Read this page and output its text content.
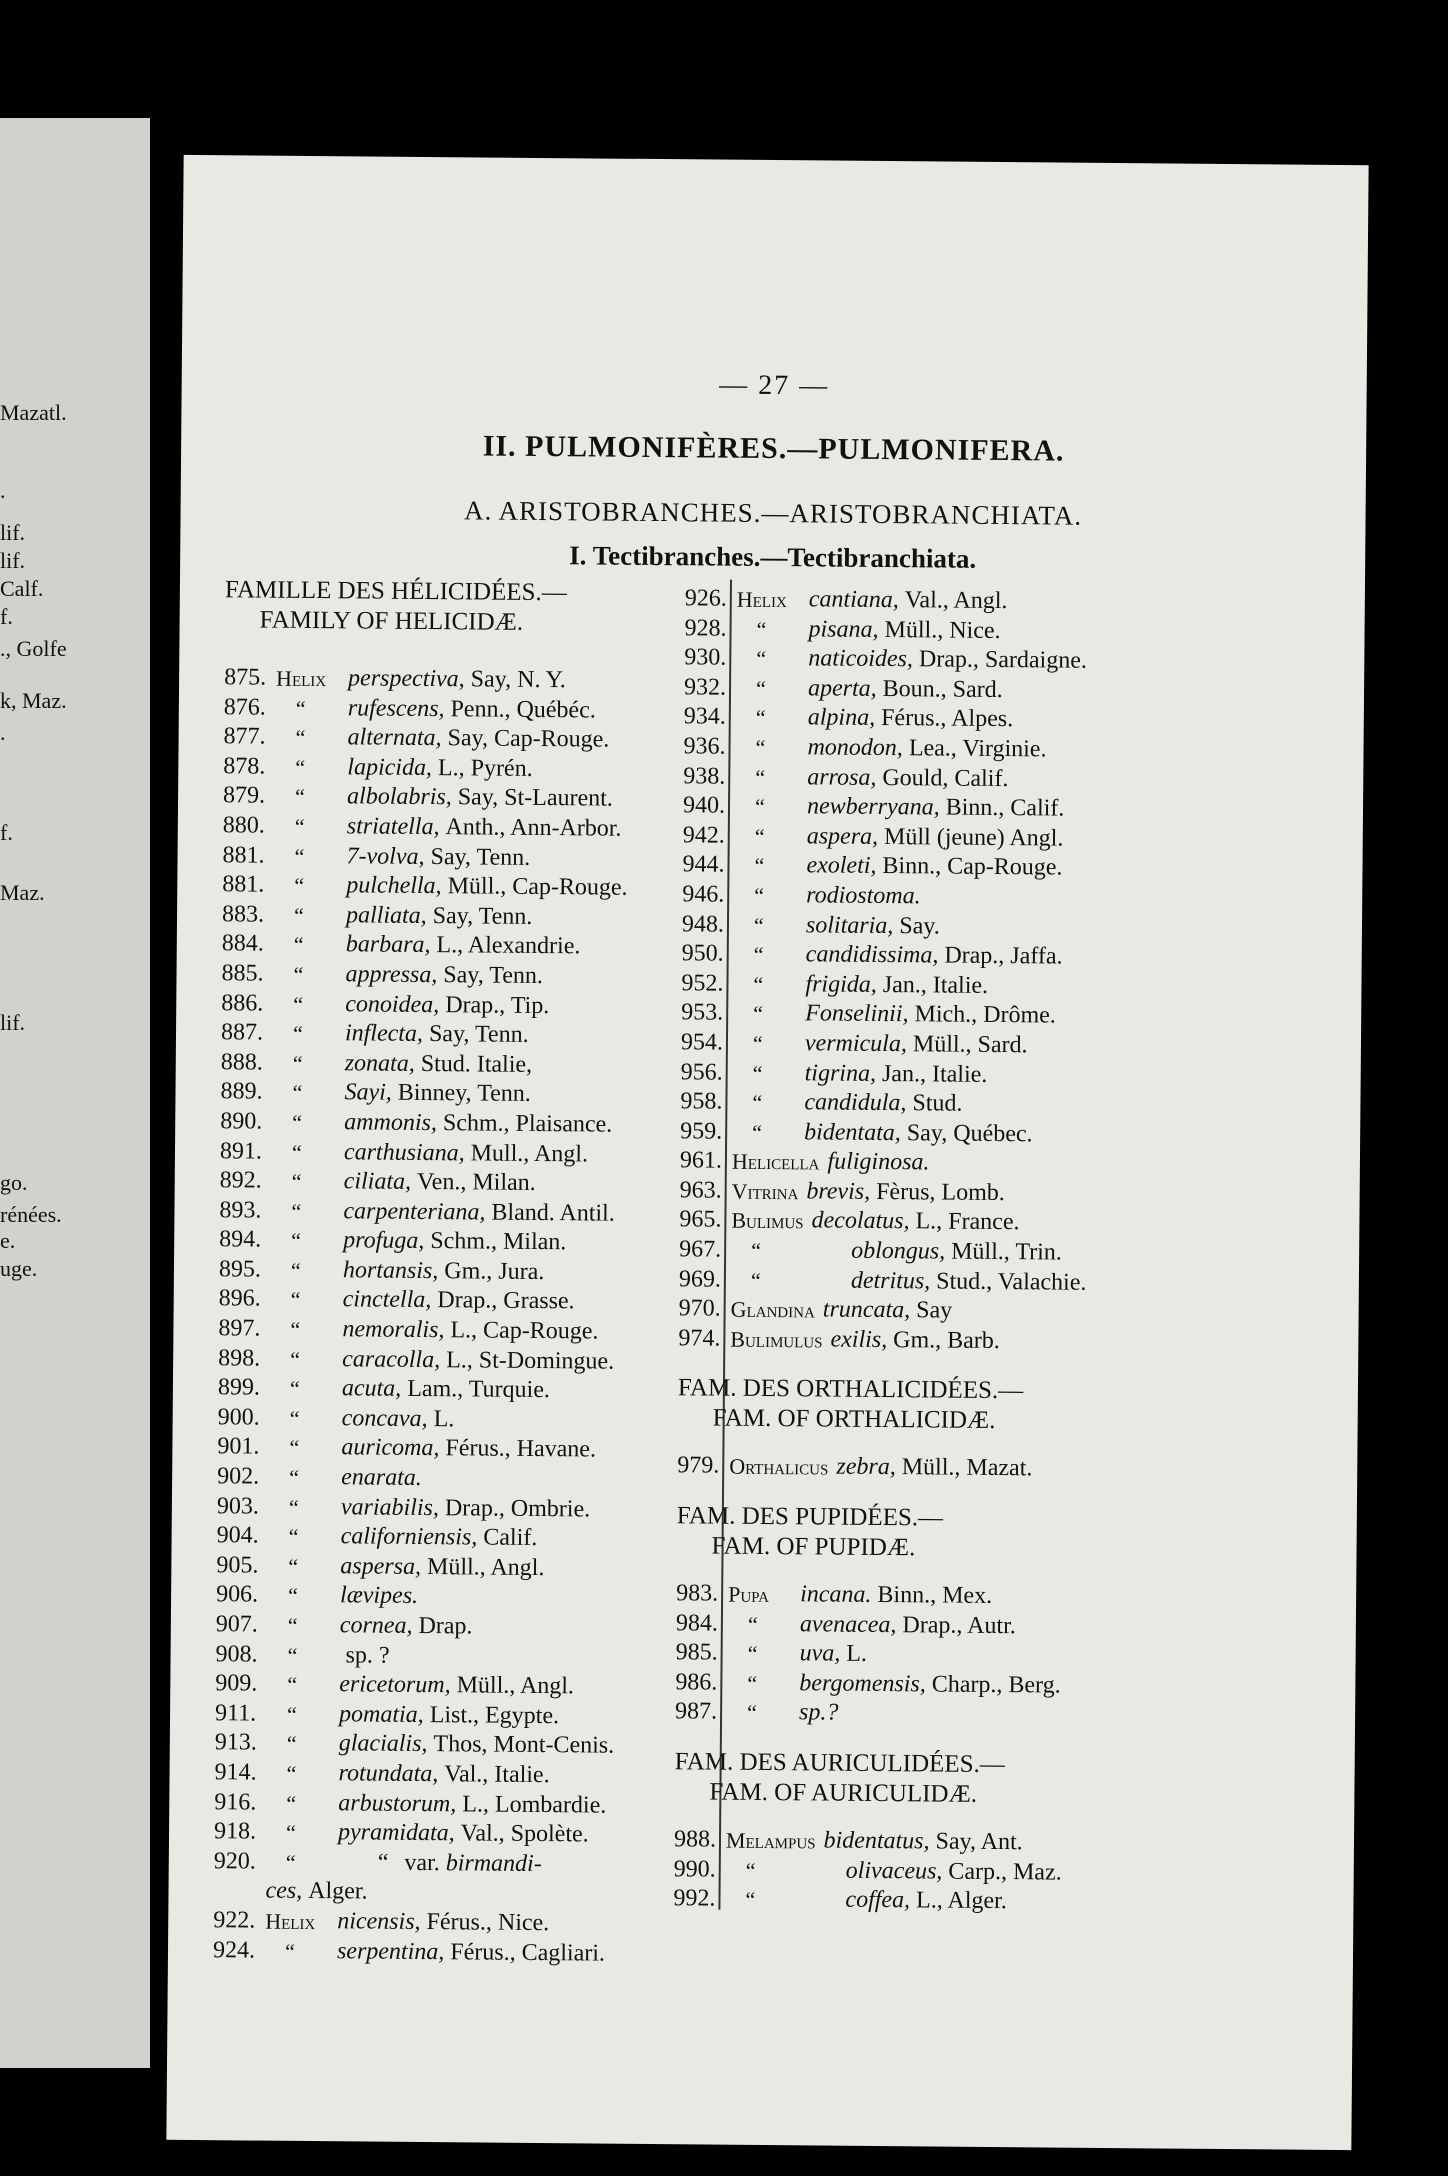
Mazatl.
.
lif.
lif.
Calf.
f.
., Golfe
k, Maz.
.
f.
Maz.
lif.
go.
rénées.
e.
uge.
— 27 —
II. PULMONIFÈRES.—PULMONIFERA.
A. ARISTOBRANCHES.—ARISTOBRANCHIATA.
I. Tectibranches.—Tectibranchiata.
FAMILLE DES HÉLICIDÉES.—
FAMILY OF HELICIDÆ.
875. Helix perspectiva, Say, N. Y.
876.	“	rufescens, Penn., Québéc.
877.	“	alternata, Say, Cap-Rouge.
878.	“	lapicida, L., Pyrén.
879.	“	albolabris, Say, St-Laurent.
880.	“	striatella, Anth., Ann-Arbor.
881.	“	7-volva, Say, Tenn.
881.	“	pulchella, Müll., Cap-Rouge.
883.	“	palliata, Say, Tenn.
884.	“	barbara, L., Alexandrie.
885.	“	appressa, Say, Tenn.
886.	“	conoidea, Drap., Tip.
887.	“	inflecta, Say, Tenn.
888.	“	zonata, Stud. Italie,
889.	“	Sayi, Binney, Tenn.
890.	“	ammonis, Schm., Plaisance.
891.	“	carthusiana, Mull., Angl.
892.	“	ciliata, Ven., Milan.
893.	“	carpenteriana, Bland. Antil.
894.	“	profuga, Schm., Milan.
895.	“	hortansis, Gm., Jura.
896.	“	cinctella, Drap., Grasse.
897.	“	nemoralis, L., Cap-Rouge.
898.	“	caracolla, L., St-Domingue.
899.	“	acuta, Lam., Turquie.
900.	“	concava, L.
901.	“	auricoma, Férus., Havane.
902.	“	enarata.
903.	“	variabilis, Drap., Ombrie.
904.	“	californiensis, Calif.
905.	“	aspersa, Müll., Angl.
906.	“	lævipes.
907.	“	cornea, Drap.
908.	“	sp. ?
909.	“	ericetorum, Müll., Angl.
911.	“	pomatia, List., Egypte.
913.	“	glacialis, Thos, Mont-Cenis.
914.	“	rotundata, Val., Italie.
916.	“	arbustorum, L., Lombardie.
918.	“	pyramidata, Val., Spolète.
920.	“	“ var. birmandi-
ces, Alger.
922. Helix nicensis, Férus., Nice.
924.	“	serpentina, Férus., Cagliari.
926. Helix cantiana, Val., Angl.
928.	“	pisana, Müll., Nice.
930.	“	naticoides, Drap., Sardaigne.
932.	“	aperta, Boun., Sard.
934.	“	alpina, Férus., Alpes.
936.	“	monodon, Lea., Virginie.
938.	“	arrosa, Gould, Calif.
940.	“	newberryana, Binn., Calif.
942.	“	aspera, Müll (jeune) Angl.
944.	“	exoleti, Binn., Cap-Rouge.
946.	“	rodiostoma.
948.	“	solitaria, Say.
950.	“	candidissima, Drap., Jaffa.
952.	“	frigida, Jan., Italie.
953.	“	Fonselinii, Mich., Drôme.
954.	“	vermicula, Müll., Sard.
956.	“	tigrina, Jan., Italie.
958.	“	candidula, Stud.
959.	“	bidentata, Say, Québec.
961. Helicella fuliginosa.
963. Vitrina brevis, Fèrus, Lomb.
965. Bulimus decolatus, L., France.
967.	“	oblongus, Müll., Trin.
969.	“	detritus, Stud., Valachie.
970. Glandina truncata, Say
974. Bulimulus exilis, Gm., Barb.
FAM. DES ORTHALICIDÉES.—
FAM. OF ORTHALICIDÆ.
979. Orthalicus zebra, Müll., Mazat.
FAM. DES PUPIDÉES.—
FAM. OF PUPIDÆ.
983. Pupa	incana. Binn., Mex.
984.	“	avenacea, Drap., Autr.
985.	“	uva, L.
986.	“	bergomensis, Charp., Berg.
987.	“	sp.?
FAM. DES AURICULIDÉES.—
FAM. OF AURICULIDÆ.
988. Melampus bidentatus, Say, Ant.
990.	“	olivaceus, Carp., Maz.
992.	“	coffea, L., Alger.
